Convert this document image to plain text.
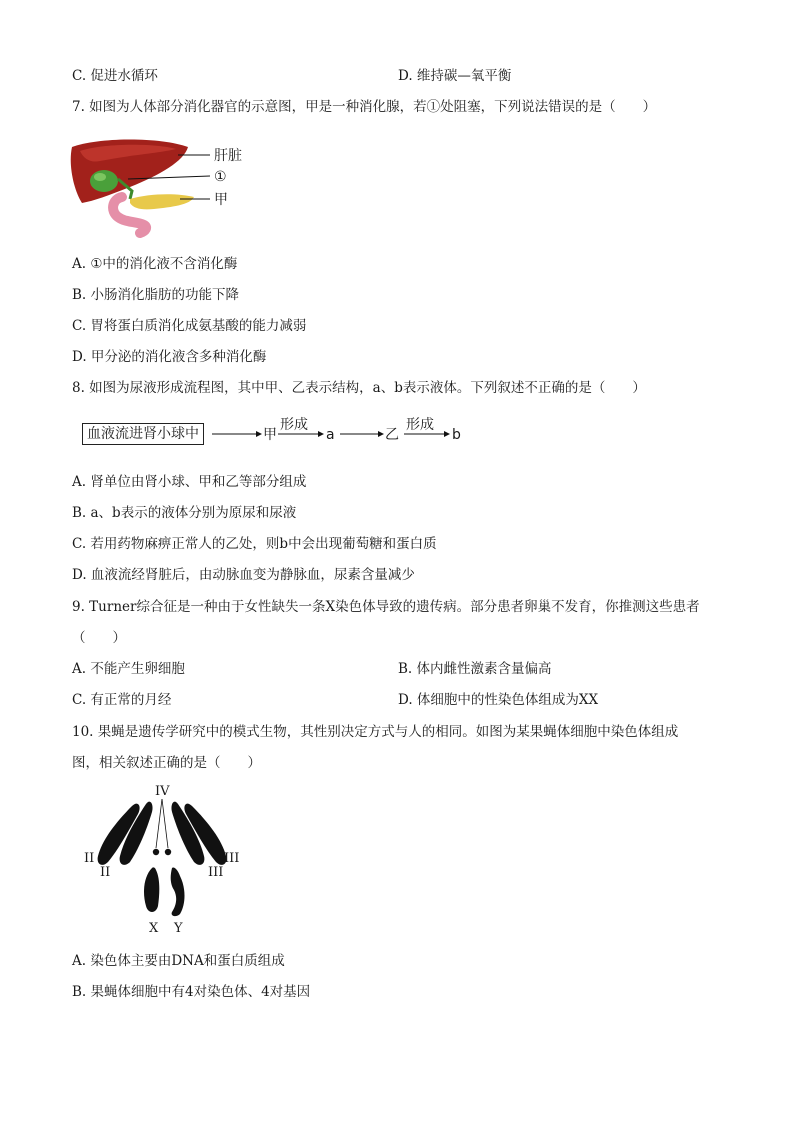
C. 促进水循环	D. 维持碳—氧平衡
7. 如图为人体部分消化器官的示意图，甲是一种消化腺，若①处阻塞，下列说法错误的是（　　）
肝脏
①
甲
A. ①中的消化液不含消化酶
B. 小肠消化脂肪的功能下降
C. 胃将蛋白质消化成氨基酸的能力减弱
D. 甲分泌的消化液含多种消化酶
8. 如图为尿液形成流程图，其中甲、乙表示结构，a、b表示液体。下列叙述不正确的是（　　）
血液流进肾小球中	甲
形成
a	乙
形成
b
A. 肾单位由肾小球、甲和乙等部分组成
B. a、b表示的液体分别为原尿和尿液
C. 若用药物麻痹正常人的乙处，则b中会出现葡萄糖和蛋白质
D. 血液流经肾脏后，由动脉血变为静脉血，尿素含量减少
9. Turner综合征是一种由于女性缺失一条X染色体导致的遗传病。部分患者卵巢不发育，你推测这些患者
（　　）
A. 不能产生卵细胞	B. 体内雌性激素含量偏高
C. 有正常的月经	D. 体细胞中的性染色体组成为XX
10. 果蝇是遗传学研究中的模式生物，其性别决定方式与人的相同。如图为某果蝇体细胞中染色体组成
图，相关叙述正确的是（　　）
IV
II
II
III
III
X Y
A. 染色体主要由DNA和蛋白质组成
B. 果蝇体细胞中有4对染色体、4对基因
